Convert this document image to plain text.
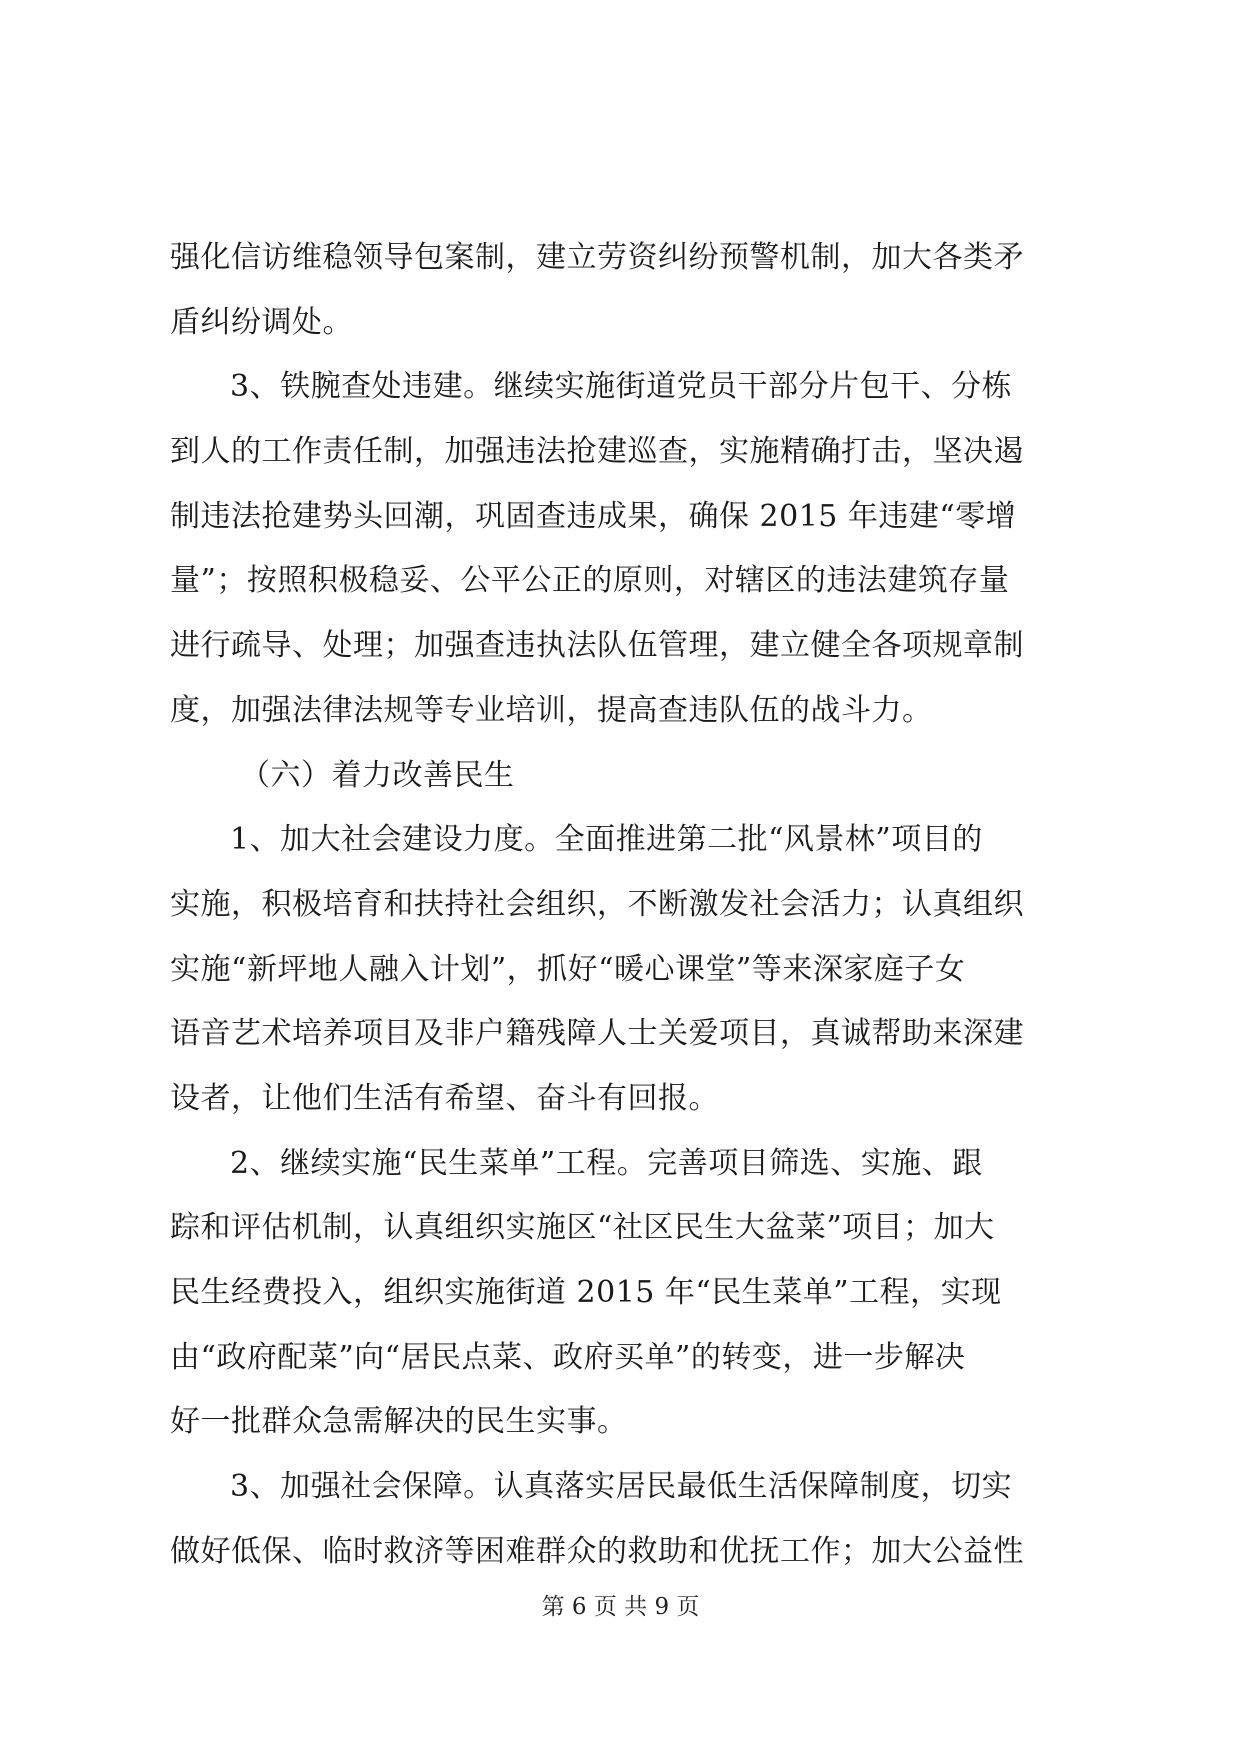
强化信访维稳领导包案制，建立劳资纠纷预警机制，加大各类矛
盾纠纷调处。
3、铁腕查处违建。继续实施街道党员干部分片包干、分栋
到人的工作责任制，加强违法抢建巡查，实施精确打击，坚决遏
制违法抢建势头回潮，巩固查违成果，确保 2015 年违建“零增
量”；按照积极稳妥、公平公正的原则，对辖区的违法建筑存量
进行疏导、处理；加强查违执法队伍管理，建立健全各项规章制
度，加强法律法规等专业培训，提高查违队伍的战斗力。
（六）着力改善民生
1、加大社会建设力度。全面推进第二批“风景林”项目的
实施，积极培育和扶持社会组织，不断激发社会活力；认真组织
实施“新坪地人融入计划”，抓好“暖心课堂”等来深家庭子女
语音艺术培养项目及非户籍残障人士关爱项目，真诚帮助来深建
设者，让他们生活有希望、奋斗有回报。
2、继续实施“民生菜单”工程。完善项目筛选、实施、跟
踪和评估机制，认真组织实施区“社区民生大盆菜”项目；加大
民生经费投入，组织实施街道 2015 年“民生菜单”工程，实现
由“政府配菜”向“居民点菜、政府买单”的转变，进一步解决
好一批群众急需解决的民生实事。
3、加强社会保障。认真落实居民最低生活保障制度，切实
做好低保、临时救济等困难群众的救助和优抚工作；加大公益性
第 6 页 共 9 页
